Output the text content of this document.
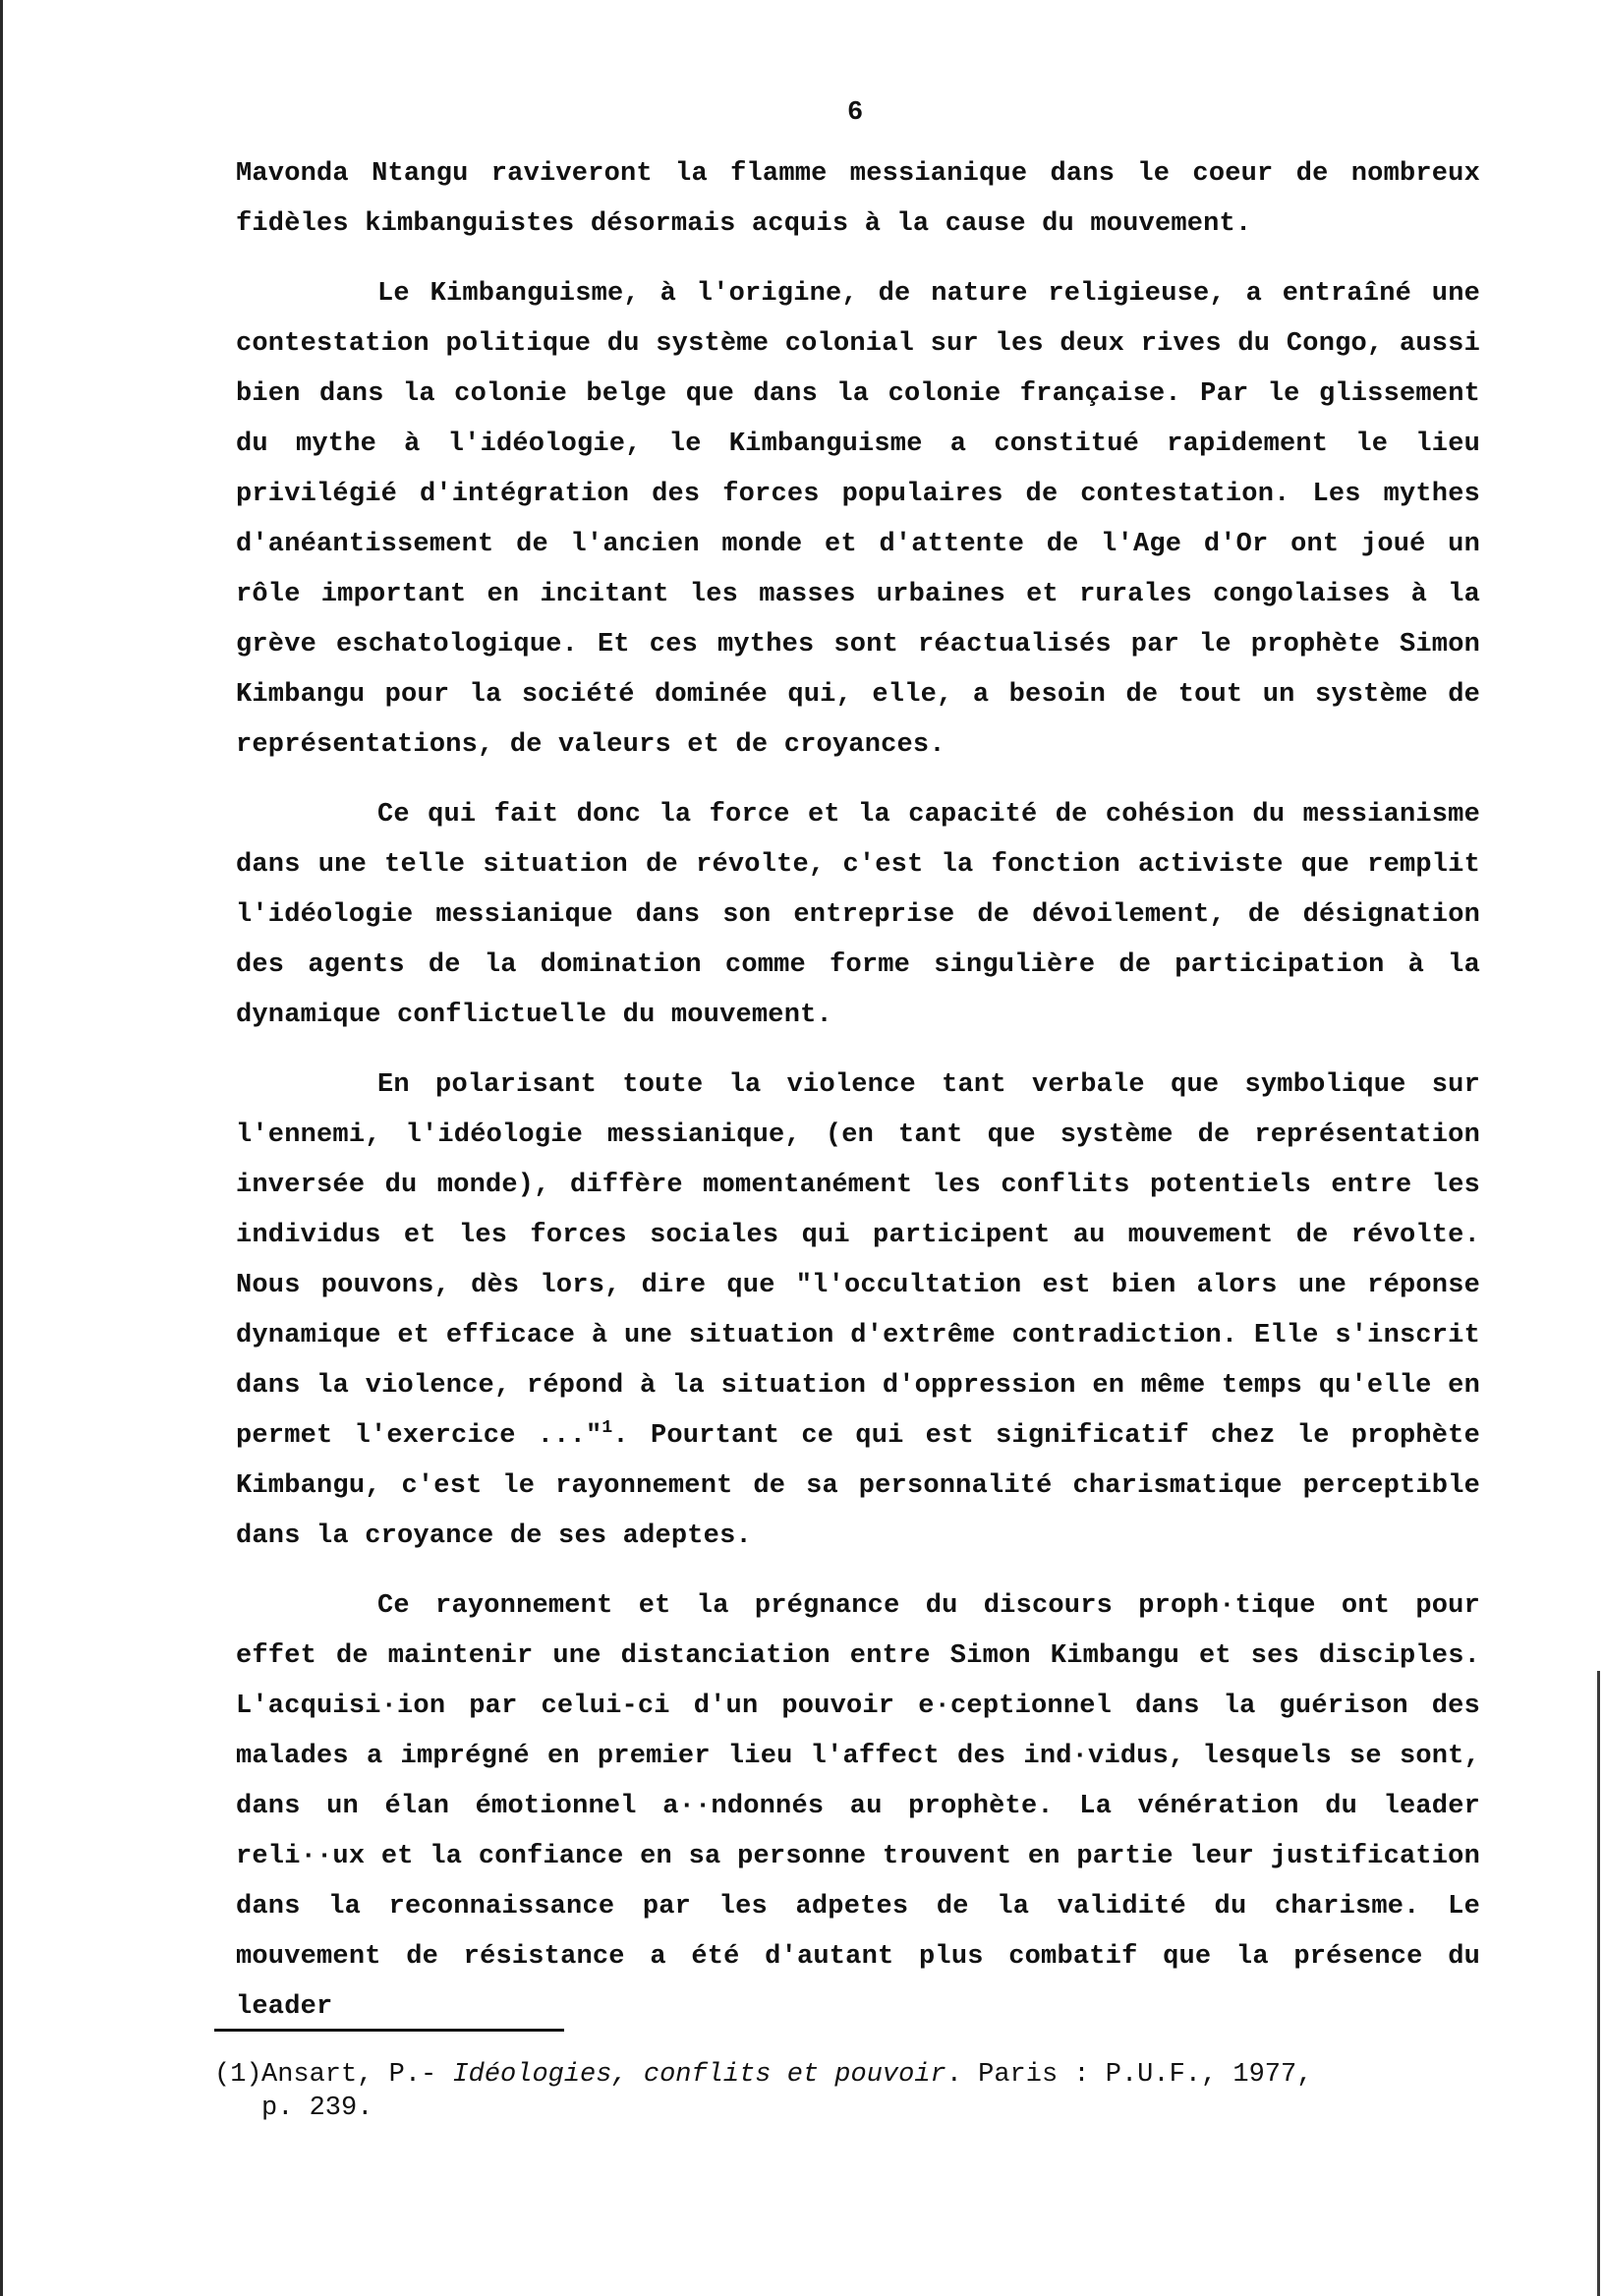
6

Mavonda Ntangu raviveront la flamme messianique dans le coeur de nombreux fidèles kimbanguistes désormais acquis à la cause du mouvement.

Le Kimbanguisme, à l'origine, de nature religieuse, a entraîné une contestation politique du système colonial sur les deux rives du Congo, aussi bien dans la colonie belge que dans la colonie française. Par le glissement du mythe à l'idéologie, le Kimbanguisme a constitué rapidement le lieu privilégié d'intégration des forces populaires de contestation. Les mythes d'anéantissement de l'ancien monde et d'attente de l'Age d'Or ont joué un rôle important en incitant les masses urbaines et rurales congolaises à la grève eschatologique. Et ces mythes sont réactualisés par le prophète Simon Kimbangu pour la société dominée qui, elle, a besoin de tout un système de représentations, de valeurs et de croyances.

Ce qui fait donc la force et la capacité de cohésion du messianisme dans une telle situation de révolte, c'est la fonction activiste que remplit l'idéologie messianique dans son entreprise de dévoilement, de désignation des agents de la domination comme forme singulière de participation à la dynamique conflictuelle du mouvement.

En polarisant toute la violence tant verbale que symbolique sur l'ennemi, l'idéologie messianique, (en tant que système de représentation inversée du monde), diffère momentanément les conflits potentiels entre les individus et les forces sociales qui participent au mouvement de révolte. Nous pouvons, dès lors, dire que "l'occultation est bien alors une réponse dynamique et efficace à une situation d'extrême contradiction. Elle s'inscrit dans la violence, répond à la situation d'oppression en même temps qu'elle en permet l'exercice ..."$^1$. Pourtant ce qui est significatif chez le prophète Kimbangu, c'est le rayonnement de sa personnalité charismatique perceptible dans la croyance de ses adeptes.

Ce rayonnement et la prégnance du discours proph·tique ont pour effet de maintenir une distanciation entre Simon Kimbangu et ses disciples. L'acquisi·ion par celui-ci d'un pouvoir e·ceptionnel dans la guérison des malades a imprégné en premier lieu l'affect des ind·vidus, lesquels se sont, dans un élan émotionnel a··ndonnés au prophète. La vénération du leader reli··ux et la confiance en sa personne trouvent en partie leur justification dans la reconnaissance par les adpetes de la validité du charisme. Le mouvement de résistance a été d'autant plus combatif que la présence du leader

(1)Ansart, P.- Idéologies, conflits et pouvoir. Paris : P.U.F., 1977,
p. 239.
